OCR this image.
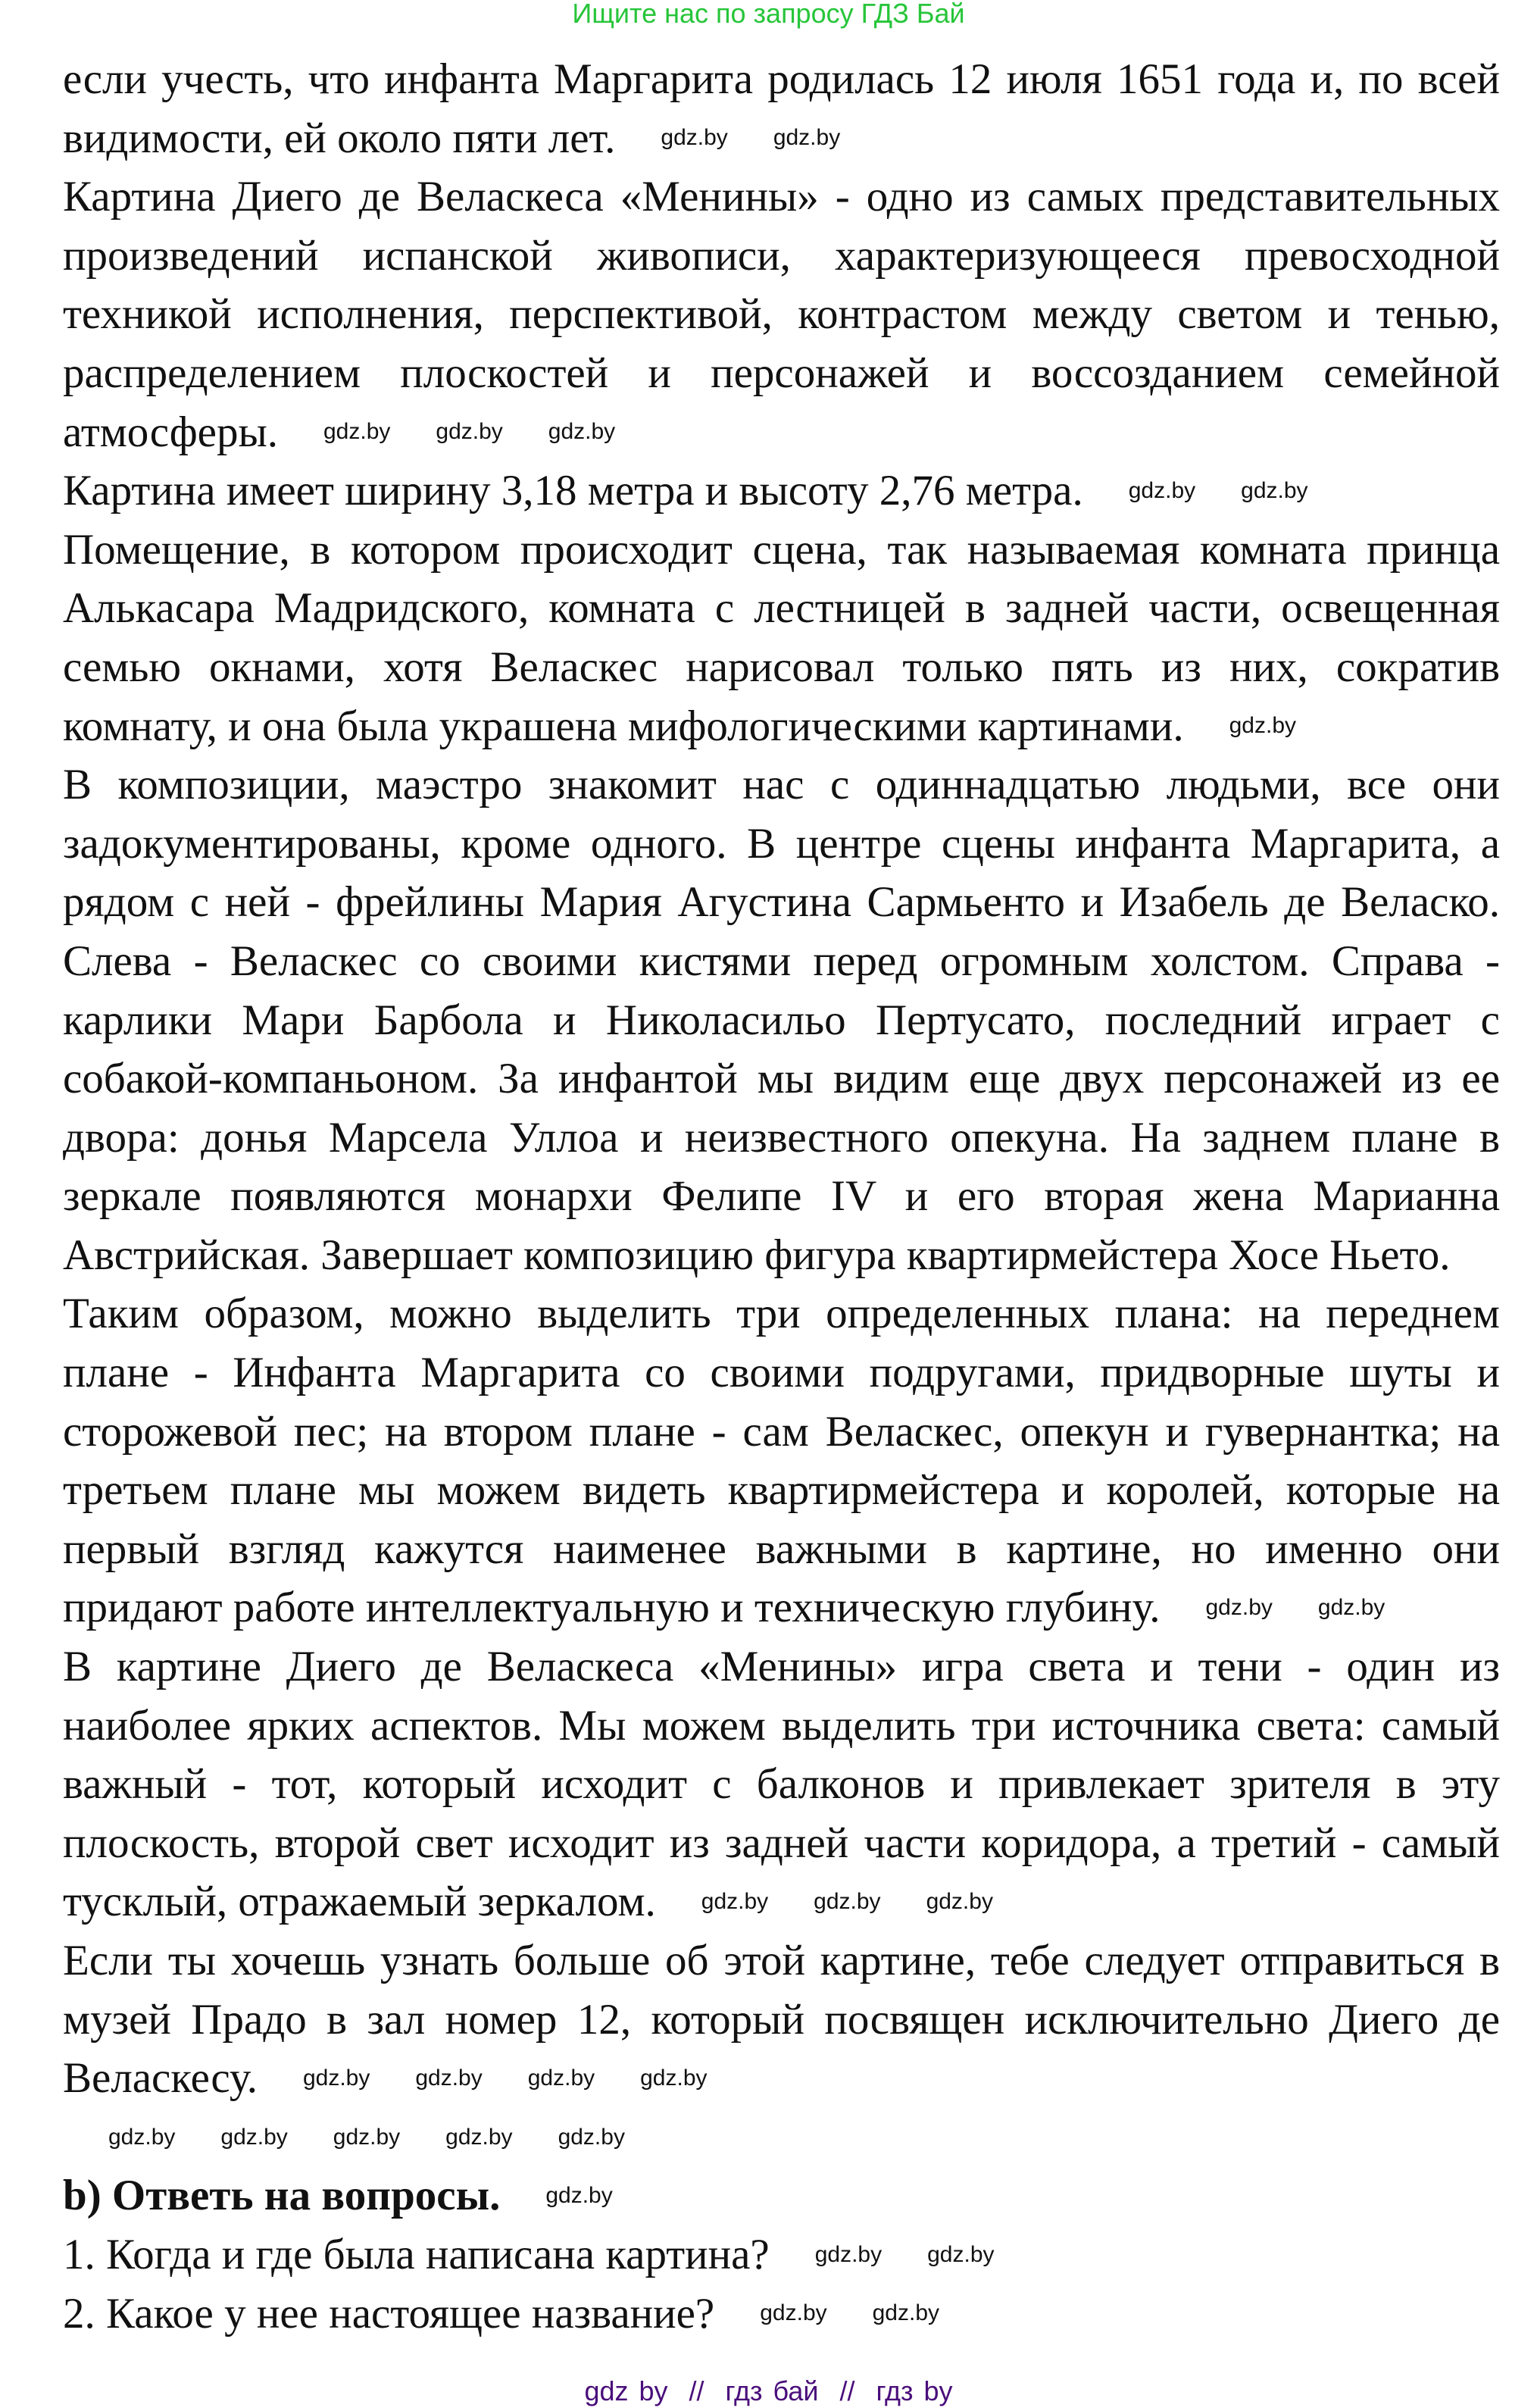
Ищите нас по запросу ГДЗ Бай
если учесть, что инфанта Маргарита родилась 12 июля 1651 года и, по всей
видимости, ей около пяти лет. gdz.by gdz.by
Картина Диего де Веласкеса «Менины» - одно из самых представительных
произведений испанской живописи, характеризующееся превосходной
техникой исполнения, перспективой, контрастом между светом и тенью,
распределением плоскостей и персонажей и воссозданием семейной
атмосферы. gdz.by gdz.by gdz.by
Картина имеет ширину 3,18 метра и высоту 2,76 метра. gdz.by gdz.by
Помещение, в котором происходит сцена, так называемая комната принца
Алькасара Мадридского, комната с лестницей в задней части, освещенная
семью окнами, хотя Веласкес нарисовал только пять из них, сократив
комнату, и она была украшена мифологическими картинами. gdz.by
В композиции, маэстро знакомит нас с одиннадцатью людьми, все они
задокументированы, кроме одного. В центре сцены инфанта Маргарита, а
рядом с ней - фрейлины Мария Агустина Сармьенто и Изабель де Веласко.
Слева - Веласкес со своими кистями перед огромным холстом. Справа -
карлики Мари Барбола и Николасильо Пертусато, последний играет с
собакой-компаньоном. За инфантой мы видим еще двух персонажей из ее
двора: донья Марсела Уллоа и неизвестного опекуна. На заднем плане в
зеркале появляются монархи Фелипе IV и его вторая жена Марианна
Австрийская. Завершает композицию фигура квартирмейстера Хосе Ньето.
Таким образом, можно выделить три определенных плана: на переднем
плане - Инфанта Маргарита со своими подругами, придворные шуты и
сторожевой пес; на втором плане - сам Веласкес, опекун и гувернантка; на
третьем плане мы можем видеть квартирмейстера и королей, которые на
первый взгляд кажутся наименее важными в картине, но именно они
придают работе интеллектуальную и техническую глубину. gdz.by gdz.by
В картине Диего де Веласкеса «Менины» игра света и тени - один из
наиболее ярких аспектов. Мы можем выделить три источника света: самый
важный - тот, который исходит с балконов и привлекает зрителя в эту
плоскость, второй свет исходит из задней части коридора, а третий - самый
тусклый, отражаемый зеркалом. gdz.by gdz.by gdz.by
Если ты хочешь узнать больше об этой картине, тебе следует отправиться в
музей Прадо в зал номер 12, который посвящен исключительно Диего де
Веласкесу. gdz.by gdz.by gdz.by gdz.by
gdz.by gdz.by gdz.by gdz.by gdz.by
b) Ответь на вопросы. gdz.by
1. Когда и где была написана картина? gdz.by gdz.by
2. Какое у нее настоящее название? gdz.by gdz.by
gdz by  //  гдз бай  //  гдз by
